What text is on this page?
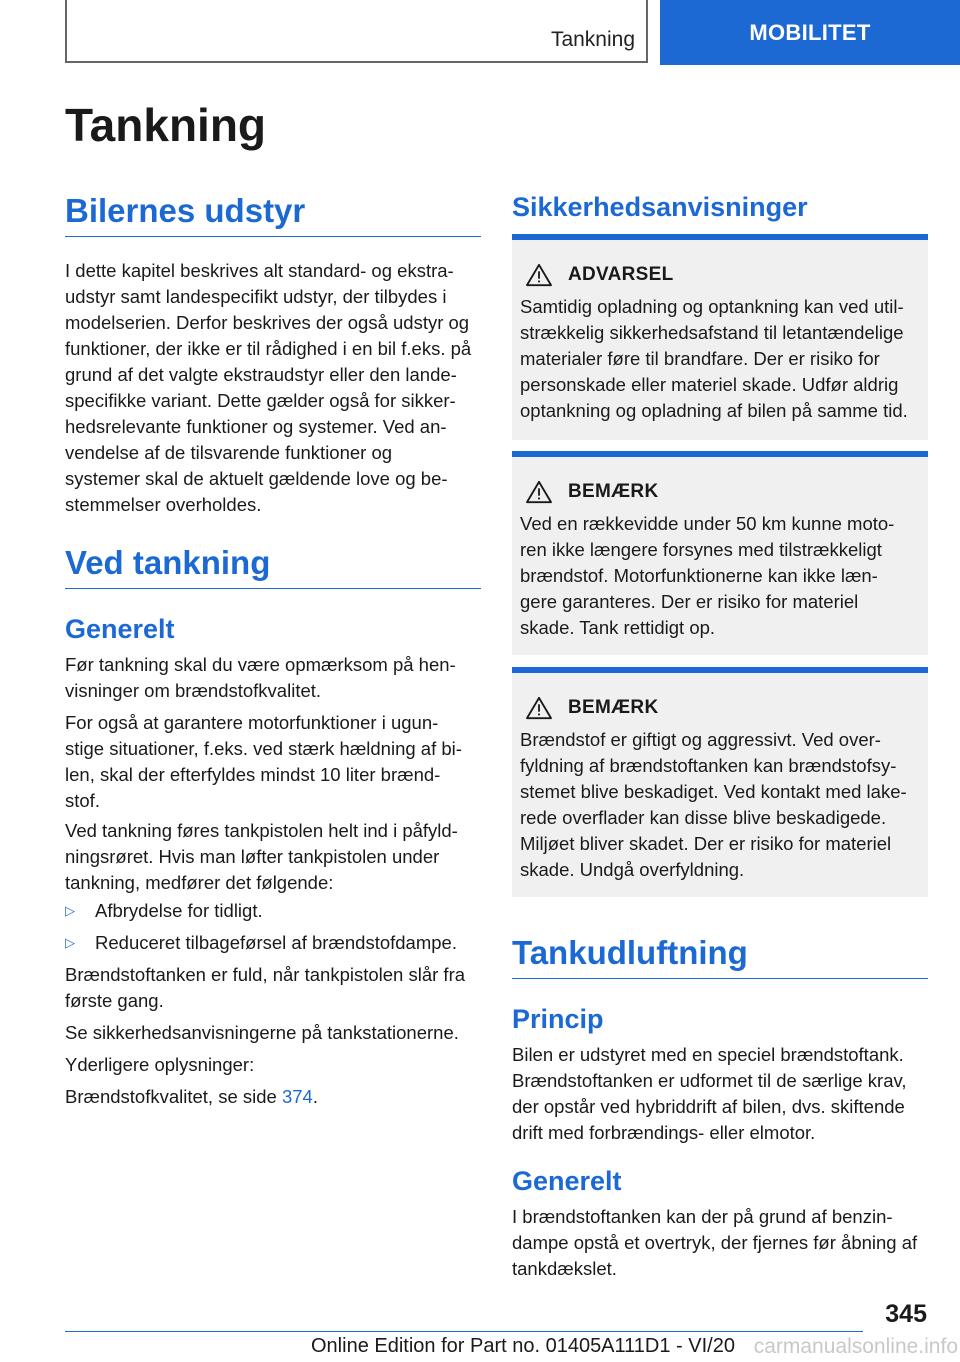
Tankning	MOBILITET
Tankning
Bilernes udstyr

I dette kapitel beskrives alt standard- og ekstra-
udstyr samt landespecifikt udstyr, der tilbydes i
modelserien. Derfor beskrives der også udstyr og
funktioner, der ikke er til rådighed i en bil f.eks. på
grund af det valgte ekstraudstyr eller den lande-
specifikke variant. Dette gælder også for sikker-
hedsrelevante funktioner og systemer. Ved an-
vendelse af de tilsvarende funktioner og
systemer skal de aktuelt gældende love og be-
stemmelser overholdes.

Ved tankning
Generelt

Før tankning skal du være opmærksom på hen-
visninger om brændstofkvalitet.

For også at garantere motorfunktioner i ugun-
stige situationer, f.eks. ved stærk hældning af bi-
len, skal der efterfyldes mindst 10 liter brænd-
stof.

Ved tankning føres tankpistolen helt ind i påfyld-
ningsrøret. Hvis man løfter tankpistolen under
tankning, medfører det følgende:

▷ Afbrydelse for tidligt.

▷ Reduceret tilbageførsel af brændstofdampe.

Brændstoftanken er fuld, når tankpistolen slår fra
første gang.

Se sikkerhedsanvisningerne på tankstationerne.

Yderligere oplysninger:

Brændstofkvalitet, se side 374.

Sikkerhedsanvisninger
ADVARSEL

Samtidig opladning og optankning kan ved util-
strækkelig sikkerhedsafstand til letantændelige
materialer føre til brandfare. Der er risiko for
personskade eller materiel skade. Udfør aldrig
optankning og opladning af bilen på samme tid.

BEMÆRK

Ved en rækkevidde under 50 km kunne moto-
ren ikke længere forsynes med tilstrækkeligt
brændstof. Motorfunktionerne kan ikke læn-
gere garanteres. Der er risiko for materiel
skade. Tank rettidigt op.

BEMÆRK

Brændstof er giftigt og aggressivt. Ved over-
fyldning af brændstoftanken kan brændstofsy-
stemet blive beskadiget. Ved kontakt med lake-
rede overflader kan disse blive beskadigede.
Miljøet bliver skadet. Der er risiko for materiel
skade. Undgå overfyldning.

Tankudluftning
Princip

Bilen er udstyret med en speciel brændstoftank.
Brændstoftanken er udformet til de særlige krav,
der opstår ved hybriddrift af bilen, dvs. skiftende
drift med forbrændings- eller elmotor.

Generelt

I brændstoftanken kan der på grund af benzin-
dampe opstå et overtryk, der fjernes før åbning af
tankdækslet.

345
Online Edition for Part no. 01405A111D1 - VI/20 carmanualsonline.info
